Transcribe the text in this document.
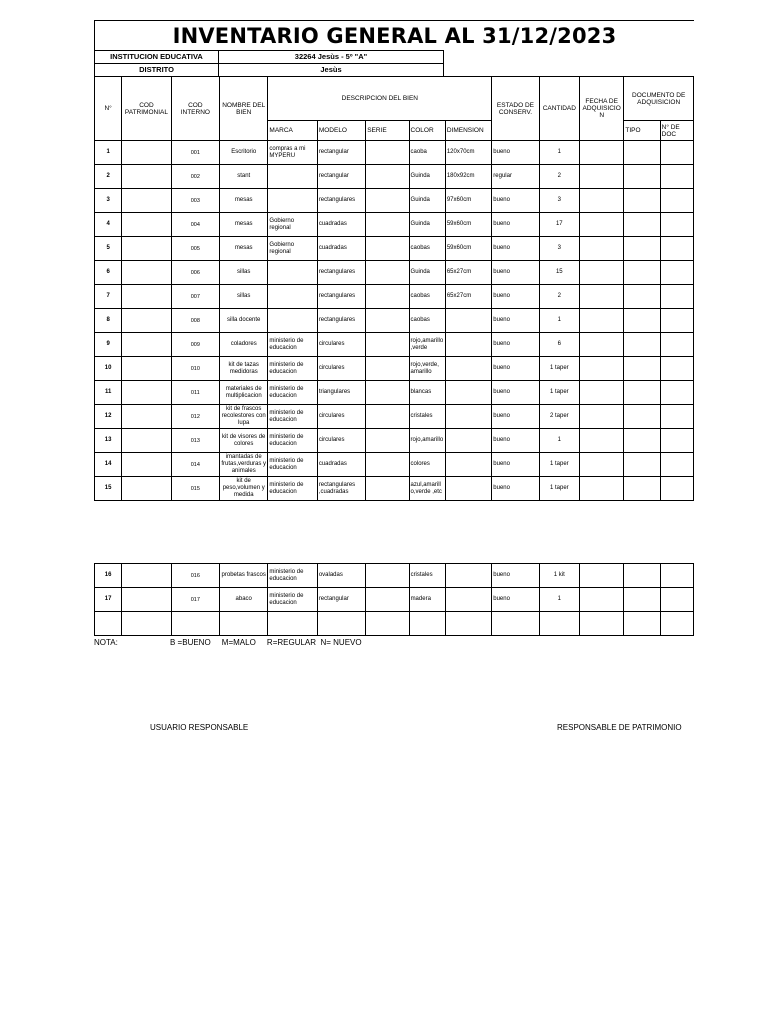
INVENTARIO GENERAL AL 31/12/2023
INSTITUCION EDUCATIVA	32264 Jesùs - 5º "A"
DISTRITO	Jesùs
N°	COD PATRIMONIAL	COD INTERNO	NOMBRE DEL BIEN	DESCRIPCION DEL BIEN					ESTADO DE CONSERV.	CANTIDAD	FECHA DE ADQUISICION	DOCUMENTO DE ADQUISICION	
				MARCA	MODELO	SERIE	COLOR	DIMENSION				TIPO	N° DE DOC
1		001	Escritorio	compras a mi MYPERU	rectangular		caoba	120x70cm	bueno	1			
2		002	stant		rectangular		Guinda	180x92cm	regular	2			
3		003	mesas		rectangulares		Guinda	97x60cm	bueno	3			
4		004	mesas	Gobierno regional	cuadradas		Guinda	59x60cm	bueno	17			
5		005	mesas	Gobierno regional	cuadradas		caobas	59x60cm	bueno	3			
6		006	sillas		rectangulares		Guinda	65x27cm	bueno	15			
7		007	sillas		rectangulares		caobas	65x27cm	bueno	2			
8		008	silla docente		rectangulares		caobas		bueno	1			
9		009	coladores	ministerio de educacion	circulares		rojo,amarillo,verde		bueno	6			
10		010	kit de tazas medidoras	ministerio de educacion	circulares		rojo,verde, amarillo		bueno	1 taper			
11		011	materiales de multiplicacion	ministerio de educacion	triangulares		blancas		bueno	1 taper			
12		012	kit de frascos recolestores con lupa	ministerio de educacion	circulares		cristales		bueno	2 taper			
13		013	kit de visores de colores	ministerio de educacion	circulares		rojo,amarillo		bueno	1			
14		014	imantadas de frutas,verduras y animales	ministerio de educacion	cuadradas		colores		bueno	1 taper			
15		015	kit de peso,volumen y medida	ministerio de educacion	rectangulares ,cuadradas		azul,amarillo,verde ,etc		bueno	1 taper			
16		016	probetas frascos	ministerio de educacion	ovaladas		cristales		bueno	1 kit			
17		017	abaco	ministerio de educacion	rectangular		madera		bueno	1			

NOTA:	B =BUENO     M=MALO     R=REGULAR  N= NUEVO
USUARIO RESPONSABLE	RESPONSABLE DE PATRIMONIO
